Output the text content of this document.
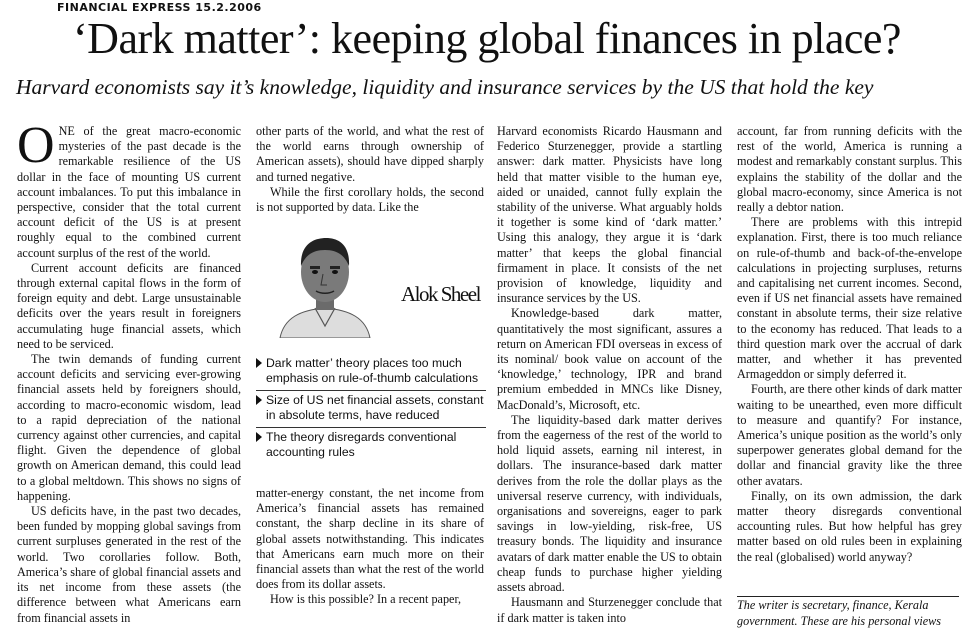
FINANCIAL EXPRESS 15.2.2006
‘Dark matter’: keeping global finances in place?
Harvard economists say it’s knowledge, liquidity and insurance services by the US that hold the key

ONE of the great macro-economic mysteries of the past decade is the remarkable resilience of the US dollar in the face of mounting US current account imbalances. To put this imbalance in perspective, consider that the total current account deficit of the US is at present roughly equal to the combined current account surplus of the rest of the world.

Current account deficits are financed through external capital flows in the form of foreign equity and debt. Large unsustainable deficits over the years result in foreigners accumulating huge financial assets, which need to be serviced.

The twin demands of funding current account deficits and servicing ever-growing financial assets held by foreigners should, according to macro-economic wisdom, lead to a rapid depreciation of the national currency against other currencies, and capital flight. Given the dependence of global growth on American demand, this could lead to a global meltdown. This shows no signs of happening.

US deficits have, in the past two decades, been funded by mopping global savings from current surpluses generated in the rest of the world. Two corollaries follow. Both, America’s share of global financial assets and its net income from these assets (the difference between what Americans earn from financial assets in

other parts of the world, and what the rest of the world earns through ownership of American assets), should have dipped sharply and turned negative.

While the first corollary holds, the second is not supported by data. Like the

Alok Sheel
Dark matter’ theory places too much emphasis on rule-of-thumb calculations
Size of US net financial assets, constant in absolute terms, have reduced
The theory disregards conventional accounting rules

matter-energy constant, the net income from America’s financial assets has remained constant, the sharp decline in its share of global assets notwithstanding. This indicates that Americans earn much more on their financial assets than what the rest of the world does from its dollar assets.

How is this possible? In a recent paper,

Harvard economists Ricardo Hausmann and Federico Sturzenegger, provide a startling answer: dark matter. Physicists have long held that matter visible to the human eye, aided or unaided, cannot fully explain the stability of the universe. What arguably holds it together is some kind of ‘dark matter.’ Using this analogy, they argue it is ‘dark matter’ that keeps the global financial firmament in place. It consists of the net provision of knowledge, liquidity and insurance services by the US.

Knowledge-based dark matter, quantitatively the most significant, assures a return on American FDI overseas in excess of its nominal/ book value on account of the ‘knowledge,’ technology, IPR and brand premium embedded in MNCs like Disney, MacDonald’s, Microsoft, etc.

The liquidity-based dark matter derives from the eagerness of the rest of the world to hold liquid assets, earning nil interest, in dollars. The insurance-based dark matter derives from the role the dollar plays as the universal reserve currency, with individuals, organisations and sovereigns, eager to park savings in low-yielding, risk-free, US treasury bonds. The liquidity and insurance avatars of dark matter enable the US to obtain cheap funds to purchase higher yielding assets abroad.

Hausmann and Sturzenegger conclude that if dark matter is taken into

account, far from running deficits with the rest of the world, America is running a modest and remarkably constant surplus. This explains the stability of the dollar and the global macro-economy, since America is not really a debtor nation.

There are problems with this intrepid explanation. First, there is too much reliance on rule-of-thumb and back-of-the-envelope calculations in projecting surpluses, returns and capitalising net current incomes. Second, even if US net financial assets have remained constant in absolute terms, their size relative to the economy has reduced. That leads to a third question mark over the accrual of dark matter, and whether it has prevented Armageddon or simply deferred it.

Fourth, are there other kinds of dark matter waiting to be unearthed, even more difficult to measure and quantify? For instance, America’s unique position as the world’s only superpower generates global demand for the dollar and financial gravity like the three other avatars.

Finally, on its own admission, the dark matter theory disregards conventional accounting rules. But how helpful has grey matter based on old rules been in explaining the real (globalised) world anyway?

The writer is secretary, finance, Kerala government. These are his personal views
